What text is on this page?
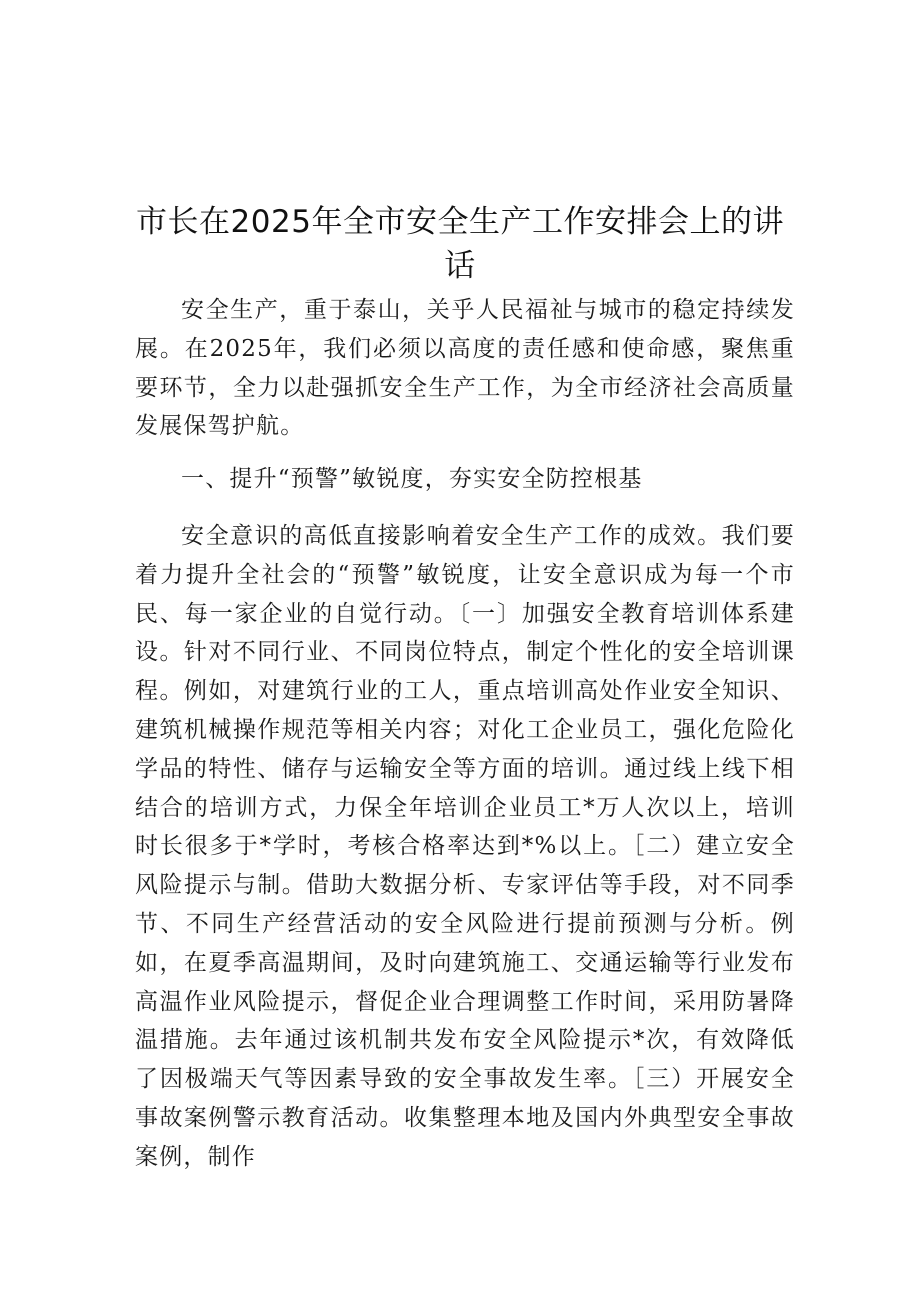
市长在2025年全市安全生产工作安排会上的讲话

安全生产，重于泰山，关乎人民福祉与城市的稳定持续发展。在2025年，我们必须以高度的责任感和使命感，聚焦重要环节，全力以赴强抓安全生产工作，为全市经济社会高质量发展保驾护航。

一、提升“预警”敏锐度，夯实安全防控根基

安全意识的高低直接影响着安全生产工作的成效。我们要着力提升全社会的“预警”敏锐度，让安全意识成为每一个市民、每一家企业的自觉行动。〔一〕加强安全教育培训体系建设。针对不同行业、不同岗位特点，制定个性化的安全培训课程。例如，对建筑行业的工人，重点培训高处作业安全知识、建筑机械操作规范等相关内容；对化工企业员工，强化危险化学品的特性、储存与运输安全等方面的培训。通过线上线下相结合的培训方式，力保全年培训企业员工*万人次以上，培训时长很多于*学时，考核合格率达到*%以上。［二）建立安全风险提示与制。借助大数据分析、专家评估等手段，对不同季节、不同生产经营活动的安全风险进行提前预测与分析。例如，在夏季高温期间，及时向建筑施工、交通运输等行业发布高温作业风险提示，督促企业合理调整工作时间，采用防暑降温措施。去年通过该机制共发布安全风险提示*次，有效降低了因极端天气等因素导致的安全事故发生率。［三）开展安全事故案例警示教育活动。收集整理本地及国内外典型安全事故案例，制作
